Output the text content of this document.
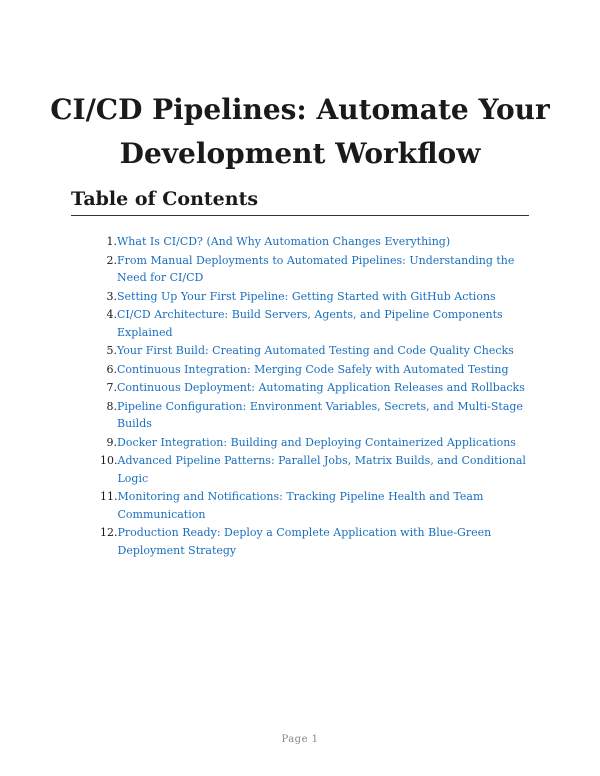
CI/CD Pipelines: Automate Your Development Workflow
Table of Contents
1. What Is CI/CD? (And Why Automation Changes Everything)
2. From Manual Deployments to Automated Pipelines: Understanding the Need for CI/CD
3. Setting Up Your First Pipeline: Getting Started with GitHub Actions
4. CI/CD Architecture: Build Servers, Agents, and Pipeline Components Explained
5. Your First Build: Creating Automated Testing and Code Quality Checks
6. Continuous Integration: Merging Code Safely with Automated Testing
7. Continuous Deployment: Automating Application Releases and Rollbacks
8. Pipeline Configuration: Environment Variables, Secrets, and Multi-Stage Builds
9. Docker Integration: Building and Deploying Containerized Applications
10. Advanced Pipeline Patterns: Parallel Jobs, Matrix Builds, and Conditional Logic
11. Monitoring and Notifications: Tracking Pipeline Health and Team Communication
12. Production Ready: Deploy a Complete Application with Blue-Green Deployment Strategy
Page 1
